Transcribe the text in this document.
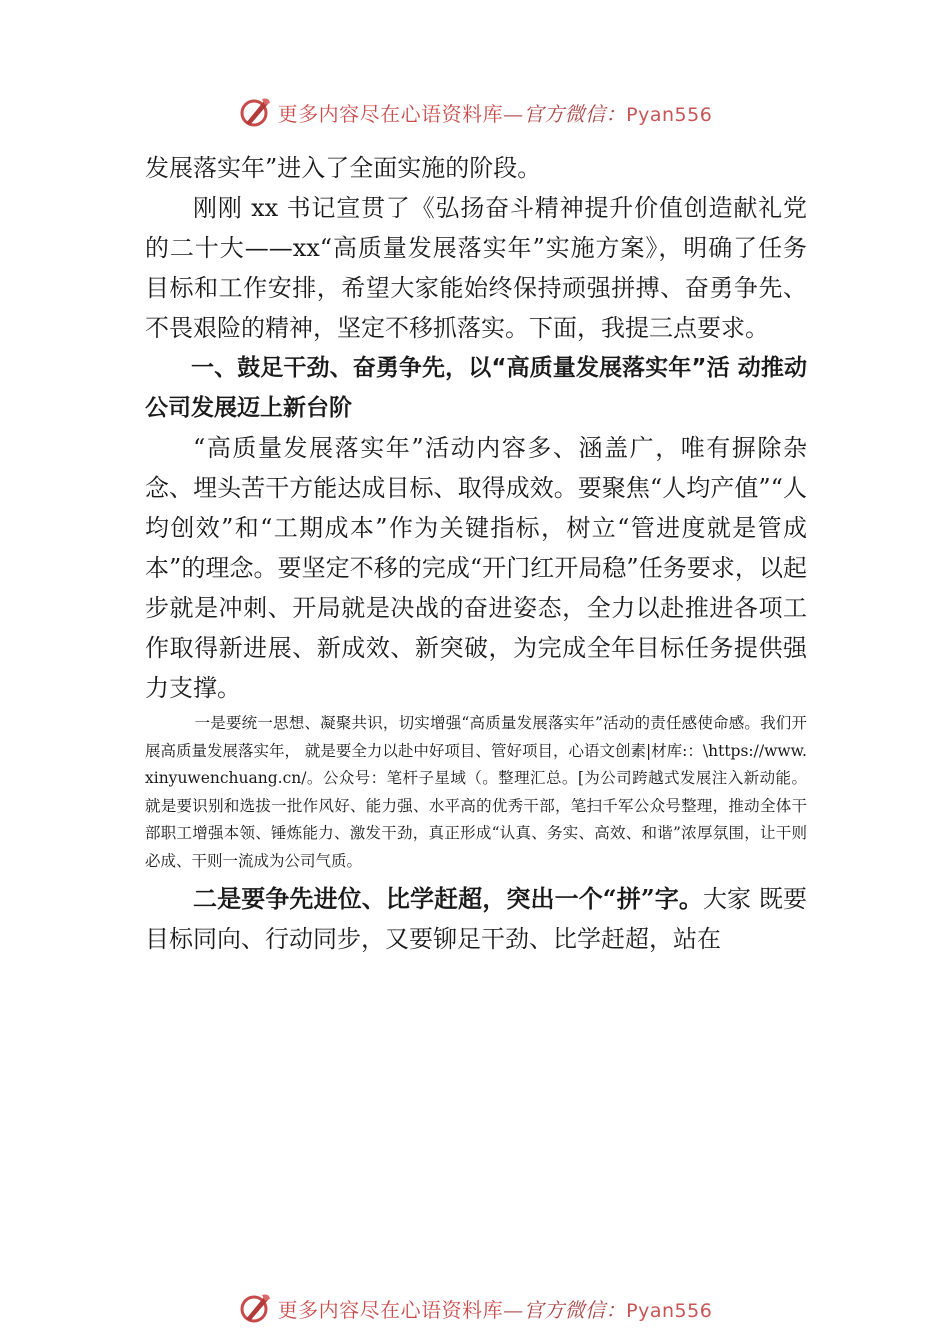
更多内容尽在心语资料库—官方微信：Pyan556

发展落实年”进入了全面实施的阶段。

刚刚 xx 书记宣贯了《弘扬奋斗精神提升价值创造献礼党的二十大——xx“高质量发展落实年”实施方案》，明确了任务目标和工作安排，希望大家能始终保持顽强拼搏、奋勇争先、不畏艰险的精神，坚定不移抓落实。下面，我提三点要求。

一、鼓足干劲、奋勇争先，以“高质量发展落实年”活 动推动公司发展迈上新台阶

“高质量发展落实年”活动内容多、涵盖广，唯有摒除杂念、埋头苦干方能达成目标、取得成效。要聚焦“人均产值”“人均创效”和“工期成本”作为关键指标，树立“管进度就是管成本”的理念。要坚定不移的完成“开门红开局稳”任务要求，以起步就是冲刺、开局就是决战的奋进姿态，全力以赴推进各项工作取得新进展、新成效、新突破，为完成全年目标任务提供强力支撑。

一是要统一思想、凝聚共识，切实增强“高质量发展落实年”活动的责任感使命感。我们开展高质量发展落实年， 就是要全力以赴中好项目、管好项目，心语文创素|材库:：\https://www.xinyuwenchuang.cn/。公众号：笔杆子星域（。整理汇总。[为公司跨越式发展注入新动能。就是要识别和选拔一批作风好、能力强、水平高的优秀干部，笔扫千军公众号整理，推动全体干部职工增强本领、锤炼能力、激发干劲，真正形成“认真、务实、高效、和谐”浓厚氛围，让干则必成、干则一流成为公司气质。

二是要争先进位、比学赶超，突出一个“拼”字。大家 既要目标同向、行动同步，又要铆足干劲、比学赶超，站在

更多内容尽在心语资料库—官方微信：Pyan556
